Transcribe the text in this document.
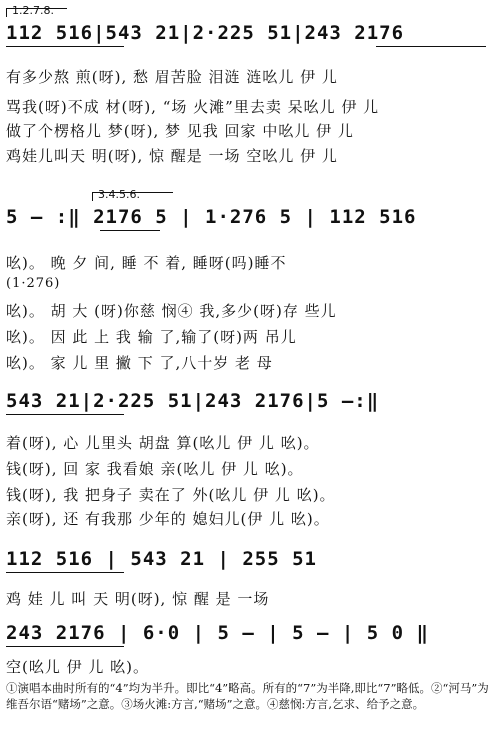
1.2.7.8.
112 516|543 21|2·225 51|243 2176
有多少熬 煎(呀), 愁 眉苦脸 泪涟 涟吆儿 伊 儿
骂我(呀)不成 材(呀), “场 火滩”里去卖 呆吆儿 伊 儿
做了个楞格儿 梦(呀), 梦 见我 回家 中吆儿 伊 儿
鸡娃儿叫天 明(呀), 惊 醒是 一场 空吆儿 伊 儿
3.4.5.6.
5 — :‖ 2176 5 | 1·276 5 | 112 516
吆)。 晚 夕 间, 睡 不 着, 睡呀(吗)睡不
(1·276)
吆)。 胡 大 (呀)你慈 悯④ 我,多少(呀)存 些儿
吆)。 因 此 上 我 输 了,输了(呀)两 吊儿
吆)。 家 儿 里 撇 下 了,八十岁 老 母
543 21|2·225 51|243 2176|5 —:‖
着(呀), 心 儿里头 胡盘 算(吆儿 伊 儿 吆)。
钱(呀), 回 家 我看娘 亲(吆儿 伊 儿 吆)。
钱(呀), 我 把身子 卖在了 外(吆儿 伊 儿 吆)。
亲(呀), 还 有我那 少年的 媳妇儿(伊 儿 吆)。
112 516 | 543 21 | 255 51
鸡 娃 儿 叫 天 明(呀), 惊 醒 是 一场
243 2176 | 6·0 | 5 — | 5 — | 5 0 ‖
空(吆儿 伊 儿 吆)。
①演唱本曲时所有的“4”均为半升。即比“4”略高。所有的“7”为半降,即比“7”略低。②“河马”为维吾尔语“赌场”之意。③场火滩:方言,“赌场”之意。④慈悯:方言,乞求、给予之意。
